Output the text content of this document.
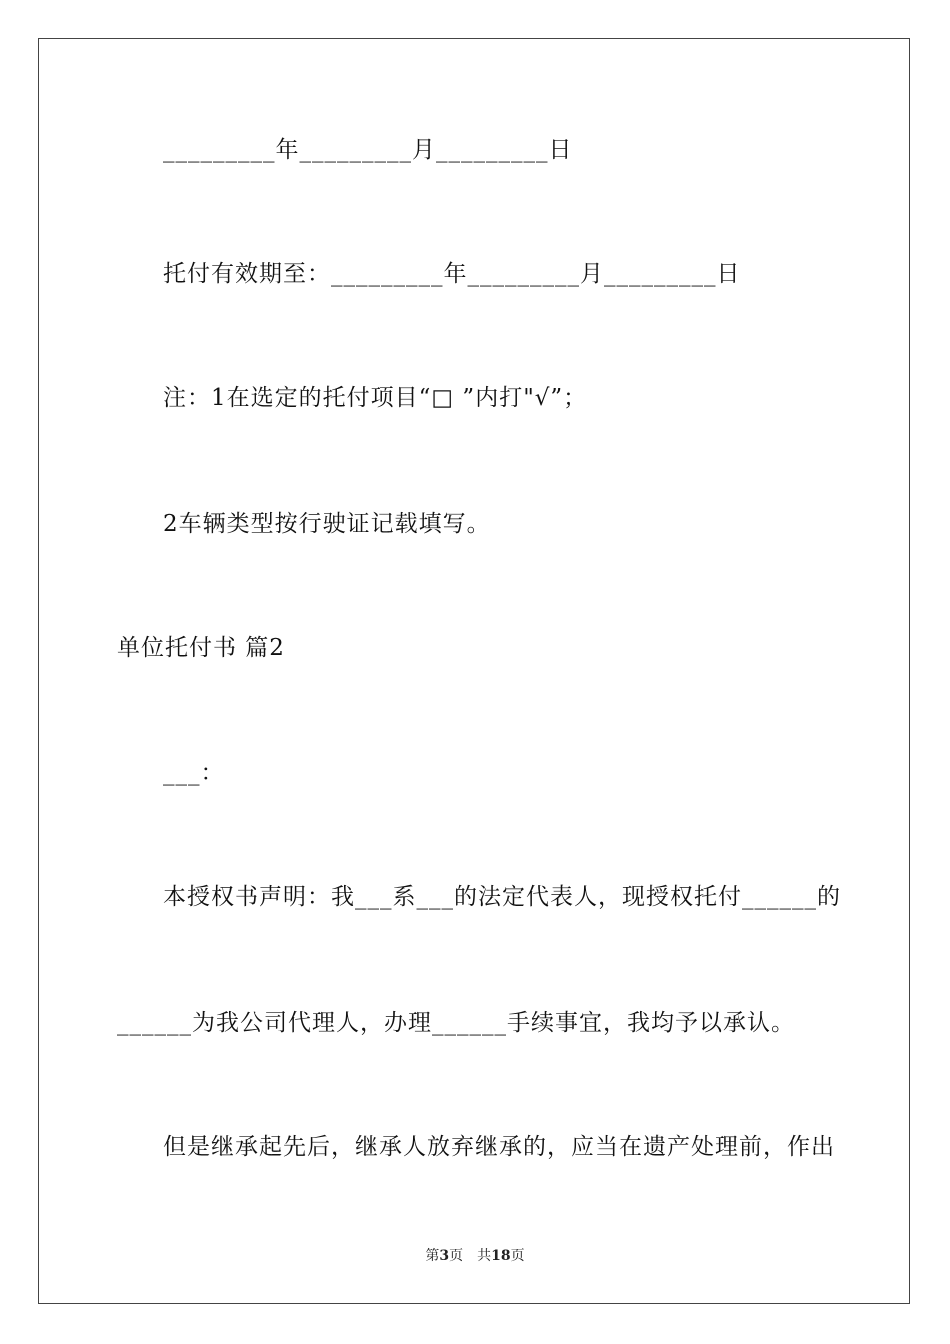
_________年_________月_________日
托付有效期至：_________年_________月_________日
注：1在选定的托付项目“□ ”内打"√”；
2车辆类型按行驶证记载填写。
单位托付书 篇2
___：
本授权书声明：我___系___的法定代表人，现授权托付______的
______为我公司代理人，办理______手续事宜，我均予以承认。
但是继承起先后，继承人放弃继承的，应当在遗产处理前，作出
第3页 共18页
